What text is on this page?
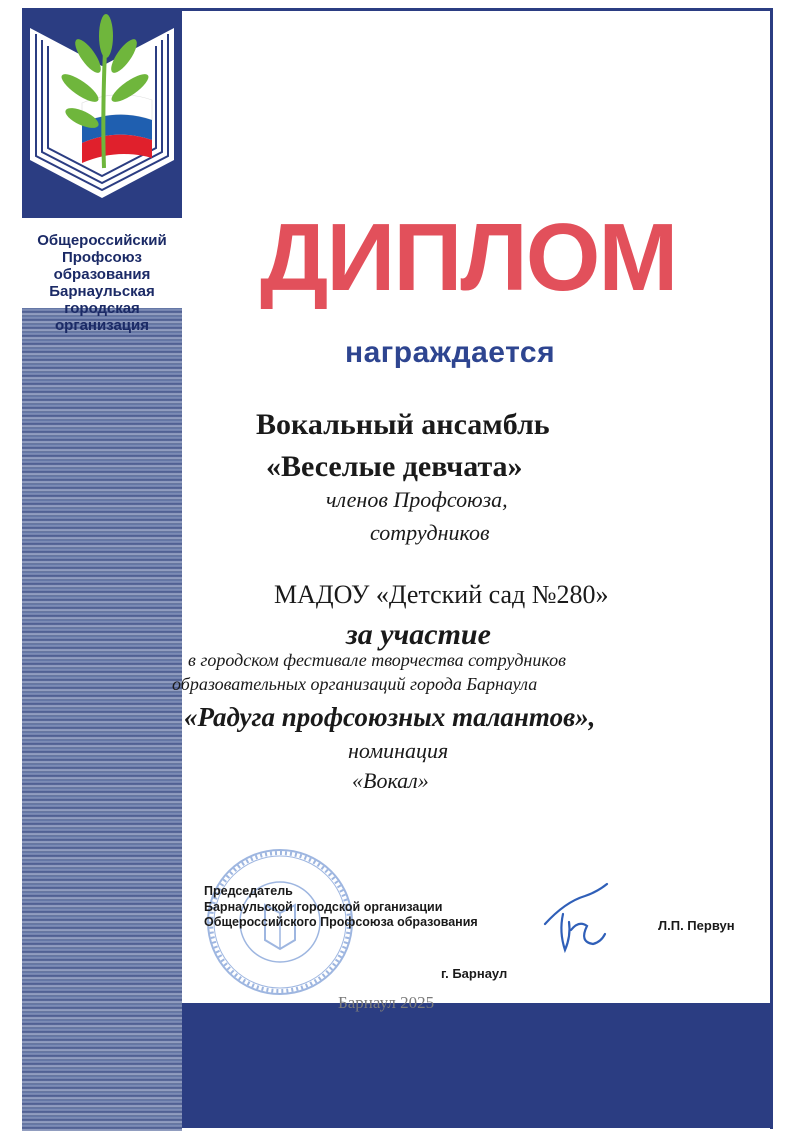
Общероссийский
Профсоюз образования
Барнаульская
городская организация
ДИПЛОМ
награждается
Вокальный ансамбль
«Веселые девчата»
членов Профсоюза,
сотрудников
МАДОУ «Детский сад №280»
за участие
в городском фестивале творчества сотрудников
образовательных организаций города Барнаула
«Радуга профсоюзных талантов»,
номинация
«Вокал»
Председатель
Барнаульской городской организации
Общероссийского Профсоюза образования	Л.П. Первун
г. Барнаул
Барнаул 2025
